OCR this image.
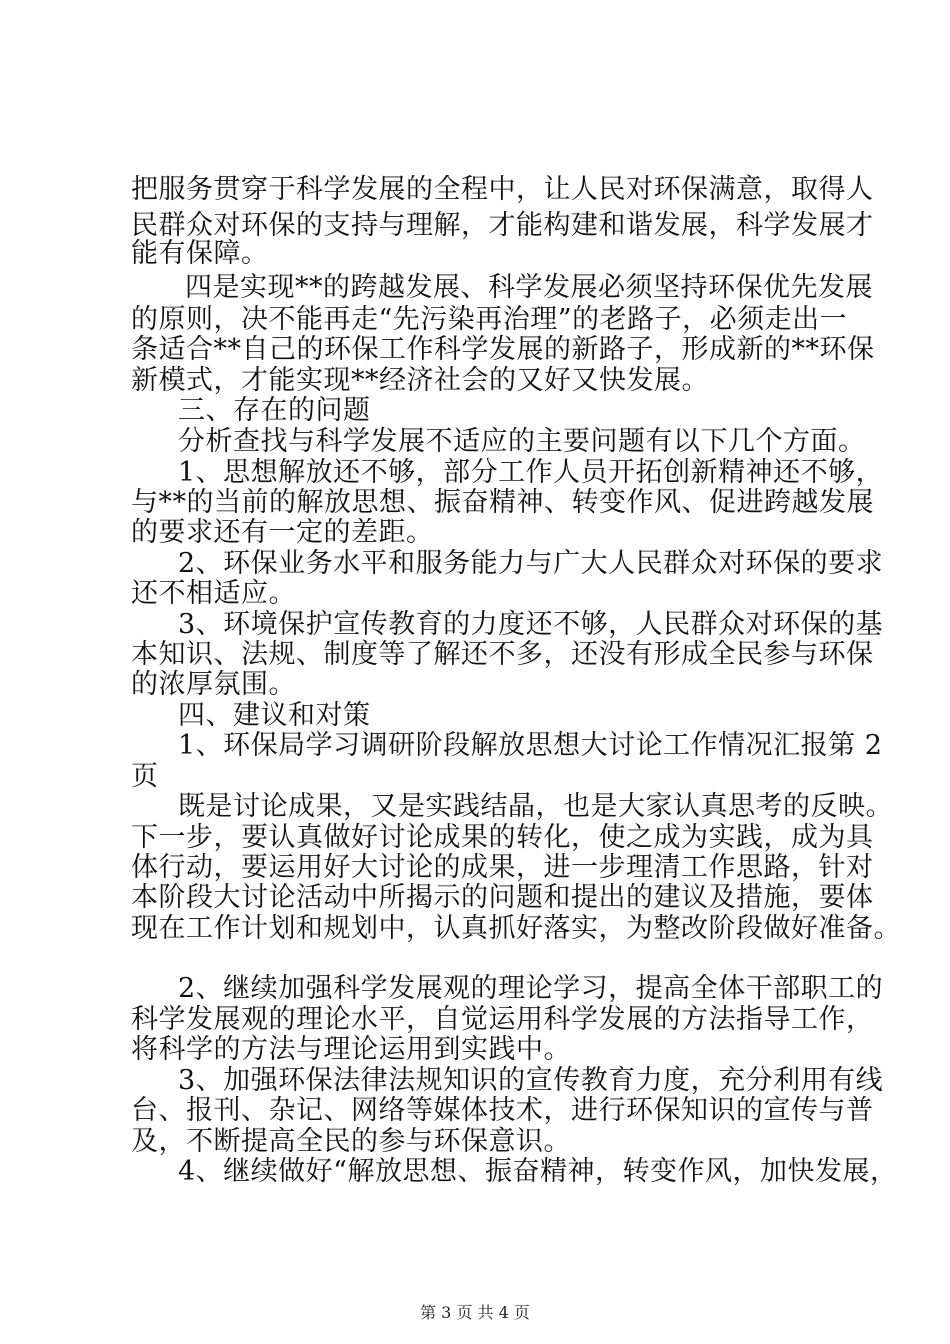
把服务贯穿于科学发展的全程中，让人民对环保满意，取得人
民群众对环保的支持与理解，才能构建和谐发展，科学发展才
能有保障。
四是实现**的跨越发展、科学发展必须坚持环保优先发展
的原则，决不能再走“先污染再治理”的老路子，必须走出一
条适合**自己的环保工作科学发展的新路子，形成新的**环保
新模式，才能实现**经济社会的又好又快发展。
三、存在的问题
分析查找与科学发展不适应的主要问题有以下几个方面。
1、思想解放还不够，部分工作人员开拓创新精神还不够，
与**的当前的解放思想、振奋精神、转变作风、促进跨越发展
的要求还有一定的差距。
2、环保业务水平和服务能力与广大人民群众对环保的要求
还不相适应。
3、环境保护宣传教育的力度还不够，人民群众对环保的基
本知识、法规、制度等了解还不多，还没有形成全民参与环保
的浓厚氛围。
四、建议和对策
1、环保局学习调研阶段解放思想大讨论工作情况汇报第 2
页
既是讨论成果，又是实践结晶，也是大家认真思考的反映。
下一步，要认真做好讨论成果的转化，使之成为实践，成为具
体行动，要运用好大讨论的成果，进一步理清工作思路，针对
本阶段大讨论活动中所揭示的问题和提出的建议及措施，要体
现在工作计划和规划中，认真抓好落实，为整改阶段做好准备。
2、继续加强科学发展观的理论学习，提高全体干部职工的
科学发展观的理论水平，自觉运用科学发展的方法指导工作，
将科学的方法与理论运用到实践中。
3、加强环保法律法规知识的宣传教育力度，充分利用有线
台、报刊、杂记、网络等媒体技术，进行环保知识的宣传与普
及，不断提高全民的参与环保意识。
4、继续做好“解放思想、振奋精神，转变作风，加快发展，
第 3 页 共 4 页
